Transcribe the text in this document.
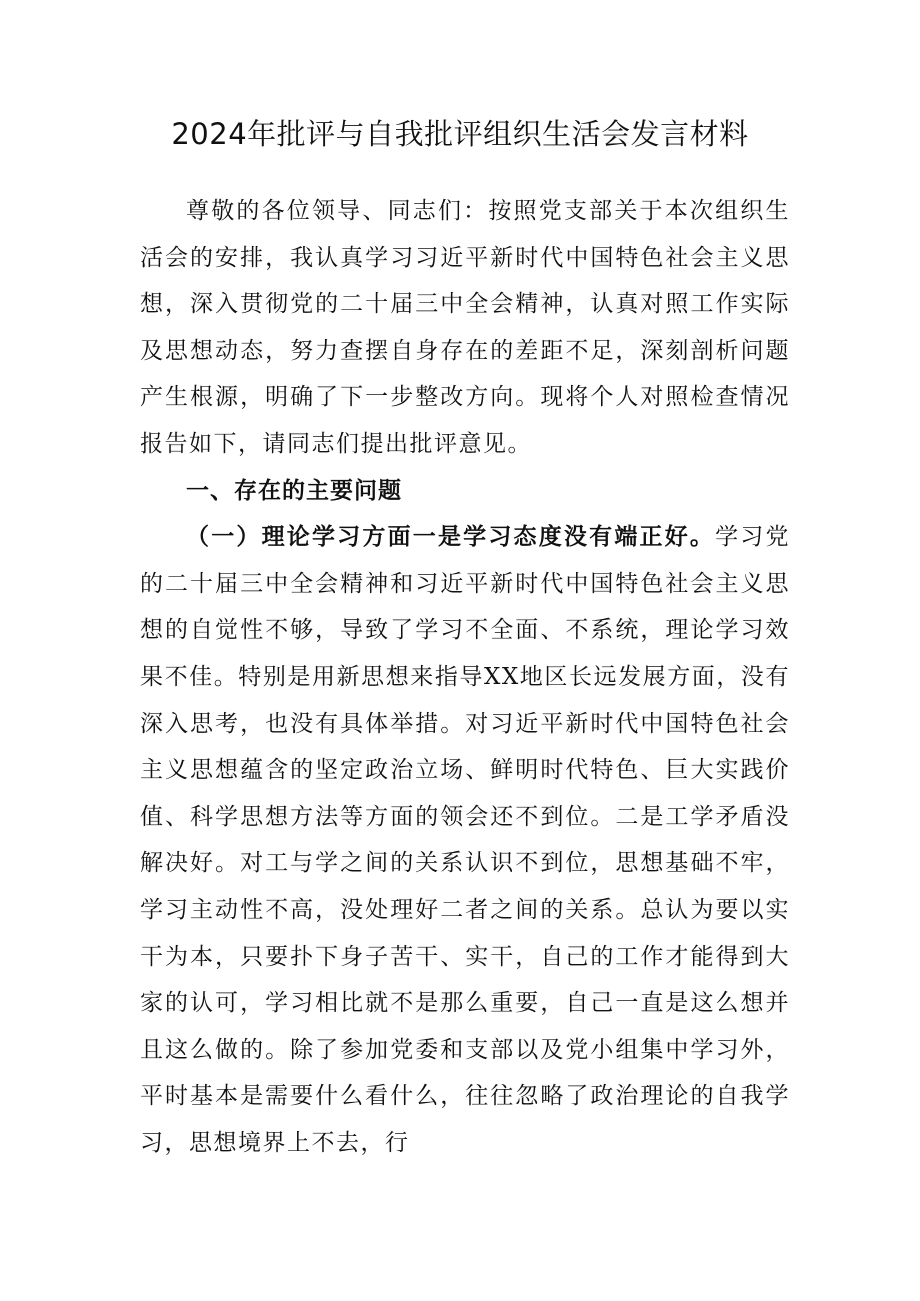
2024年批评与自我批评组织生活会发言材料

尊敬的各位领导、同志们：按照党支部关于本次组织生活会的安排，我认真学习习近平新时代中国特色社会主义思想，深入贯彻党的二十届三中全会精神，认真对照工作实际及思想动态，努力查摆自身存在的差距不足，深刻剖析问题产生根源，明确了下一步整改方向。现将个人对照检查情况报告如下，请同志们提出批评意见。

一、存在的主要问题

（一）理论学习方面一是学习态度没有端正好。学习党的二十届三中全会精神和习近平新时代中国特色社会主义思想的自觉性不够，导致了学习不全面、不系统，理论学习效果不佳。特别是用新思想来指导XX地区长远发展方面，没有深入思考，也没有具体举措。对习近平新时代中国特色社会主义思想蕴含的坚定政治立场、鲜明时代特色、巨大实践价值、科学思想方法等方面的领会还不到位。二是工学矛盾没解决好。对工与学之间的关系认识不到位，思想基础不牢，学习主动性不高，没处理好二者之间的关系。总认为要以实干为本，只要扑下身子苦干、实干，自己的工作才能得到大家的认可，学习相比就不是那么重要，自己一直是这么想并且这么做的。除了参加党委和支部以及党小组集中学习外，平时基本是需要什么看什么，往往忽略了政治理论的自我学习，思想境界上不去，行
